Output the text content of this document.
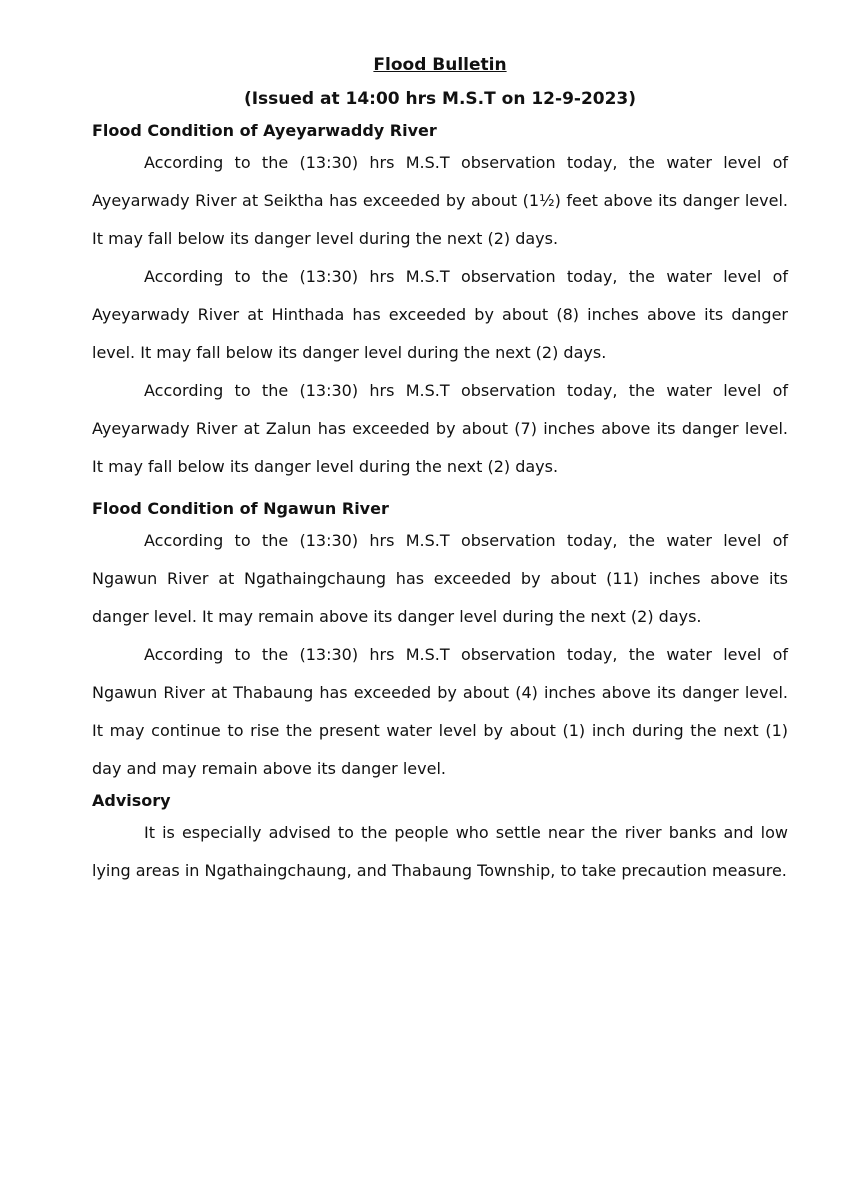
Flood Bulletin

(Issued at 14:00 hrs M.S.T on 12-9-2023)

Flood Condition of Ayeyarwaddy River

According to the (13:30) hrs M.S.T observation today, the water level of Ayeyarwady River at Seiktha has exceeded by about (1½) feet above its danger level. It may fall below its danger level during the next (2) days.

According to the (13:30) hrs M.S.T observation today, the water level of Ayeyarwady River at Hinthada has exceeded by about (8) inches above its danger level. It may fall below its danger level during the next (2) days.

According to the (13:30) hrs M.S.T observation today, the water level of Ayeyarwady River at Zalun has exceeded by about (7) inches above its danger level. It may fall below its danger level during the next (2) days.

Flood Condition of Ngawun River

According to the (13:30) hrs M.S.T observation today, the water level of Ngawun River at Ngathaingchaung has exceeded by about (11) inches above its danger level. It may remain above its danger level during the next (2) days.

According to the (13:30) hrs M.S.T observation today, the water level of Ngawun River at Thabaung has exceeded by about (4) inches above its danger level. It may continue to rise the present water level by about (1) inch during the next (1) day and may remain above its danger level.

Advisory

It is especially advised to the people who settle near the river banks and low lying areas in Ngathaingchaung, and Thabaung Township, to take precaution measure.
